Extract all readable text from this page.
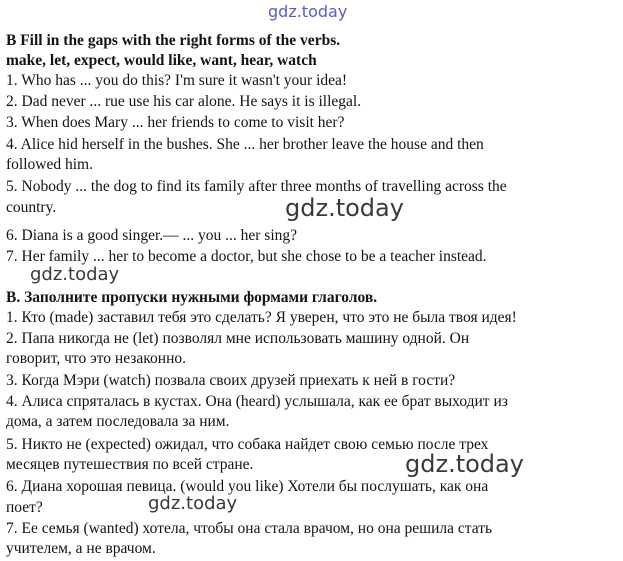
gdz.today
B Fill in the gaps with the right forms of the verbs.
make, let, expect, would like, want, hear, watch
1. Who has ... you do this? I'm sure it wasn't your idea!
2. Dad never ... rue use his car alone. He says it is illegal.
3. When does Mary ... her friends to come to visit her?
4. Alice hid herself in the bushes. She ... her brother leave the house and then
followed him.
5. Nobody ... the dog to find its family after three months of travelling across the
country.	gdz.today
6. Diana is a good singer.— ... you ... her sing?
7. Her family ... her to become a doctor, but she chose to be a teacher instead.
gdz.today
В. Заполните пропуски нужными формами глаголов.
1. Кто (made) заставил тебя это сделать? Я уверен, что это не была твоя идея!
2. Папа никогда не (let) позволял мне использовать машину одной. Он
говорит, что это незаконно.
3. Когда Мэри (watch) позвала своих друзей приехать к ней в гости?
4. Алиса спряталась в кустах. Она (heard) услышала, как ее брат выходит из
дома, а затем последовала за ним.
5. Никто не (expected) ожидал, что собака найдет свою семью после трех
месяцев путешествия по всей стране.	gdz.today
6. Диана хорошая певица. (would you like) Хотели бы послушать, как она
поет?	gdz.today
7. Ее семья (wanted) хотела, чтобы она стала врачом, но она решила стать
учителем, а не врачом.
